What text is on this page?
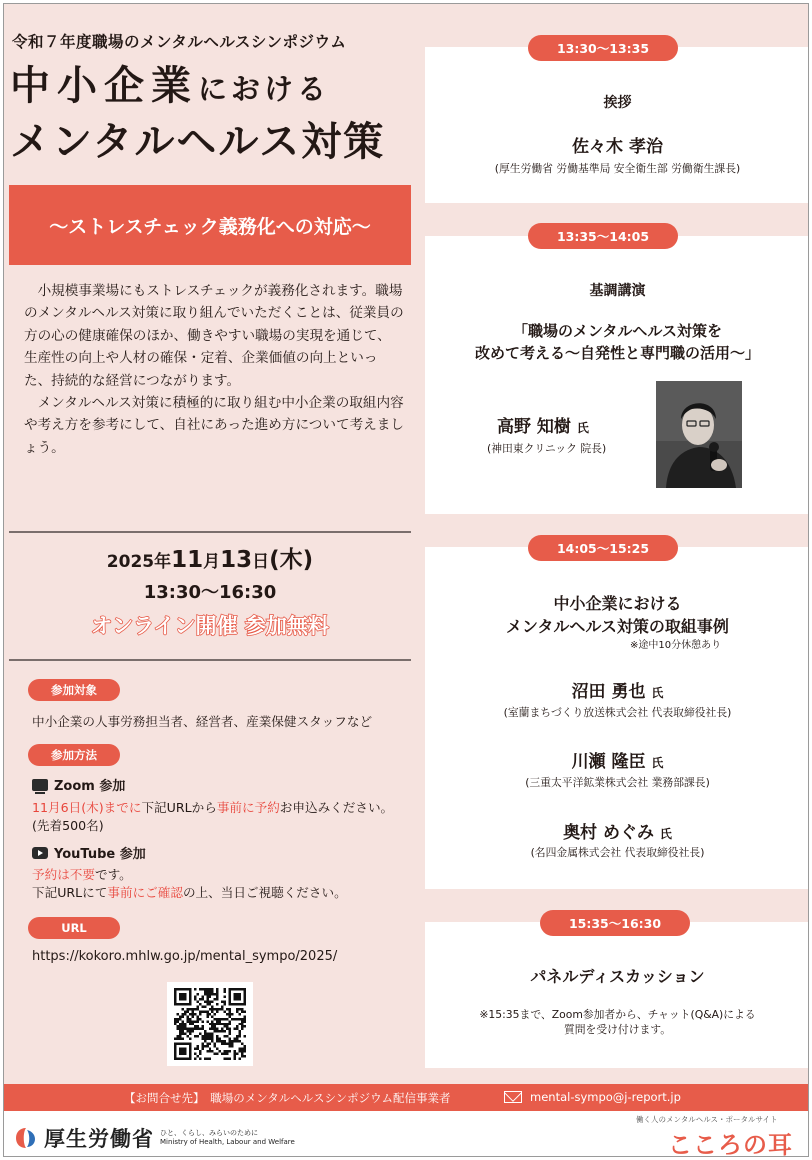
令和７年度職場のメンタルヘルスシンポジウム
中小企業における
メンタルヘルス対策
〜ストレスチェック義務化への対応〜

小規模事業場にもストレスチェックが義務化されます。職場のメンタルヘルス対策に取り組んでいただくことは、従業員の方の心の健康確保のほか、働きやすい職場の実現を通じて、生産性の向上や人材の確保・定着、企業価値の向上といった、持続的な経営につながります。

メンタルヘルス対策に積極的に取り組む中小企業の取組内容や考え方を参考にして、自社にあった進め方について考えましょう。

2025年11月13日(木)
13:30〜16:30
オンライン開催 参加無料
参加対象
中小企業の人事労務担当者、経営者、産業保健スタッフなど
参加方法
Zoom 参加
11月6日(木)までに下記URLから事前に予約お申込みください。
(先着500名)
YouTube 参加
予約は不要です。
下記URLにて事前にご確認の上、当日ご視聴ください。
URL
https://kokoro.mhlw.go.jp/mental_sympo/2025/
挨拶
佐々木 孝治
(厚生労働省 労働基準局 安全衛生部 労働衛生課長)
13:30〜13:35
基調講演
「職場のメンタルヘルス対策を
改めて考える〜自発性と専門職の活用〜」
高野 知樹 氏
(神田東クリニック 院長)
13:35〜14:05
中小企業における
メンタルヘルス対策の取組事例
※途中10分休憩あり
沼田 勇也 氏
(室蘭まちづくり放送株式会社 代表取締役社長)
川瀬 隆臣 氏
(三重太平洋鉱業株式会社 業務部課長)
奥村 めぐみ 氏
(名四金属株式会社 代表取締役社長)
14:05〜15:25
パネルディスカッション
※15:35まで、Zoom参加者から、チャット(Q&A)による
質問を受け付けます。
15:35〜16:30
【お問合せ先】　職場のメンタルヘルスシンポジウム配信事業者	mental-sympo@j-report.jp
厚生労働省 ひと、くらし、みらいのために
Ministry of Health, Labour and Welfare
働く人のメンタルヘルス・ポータルサイト
こころの耳
